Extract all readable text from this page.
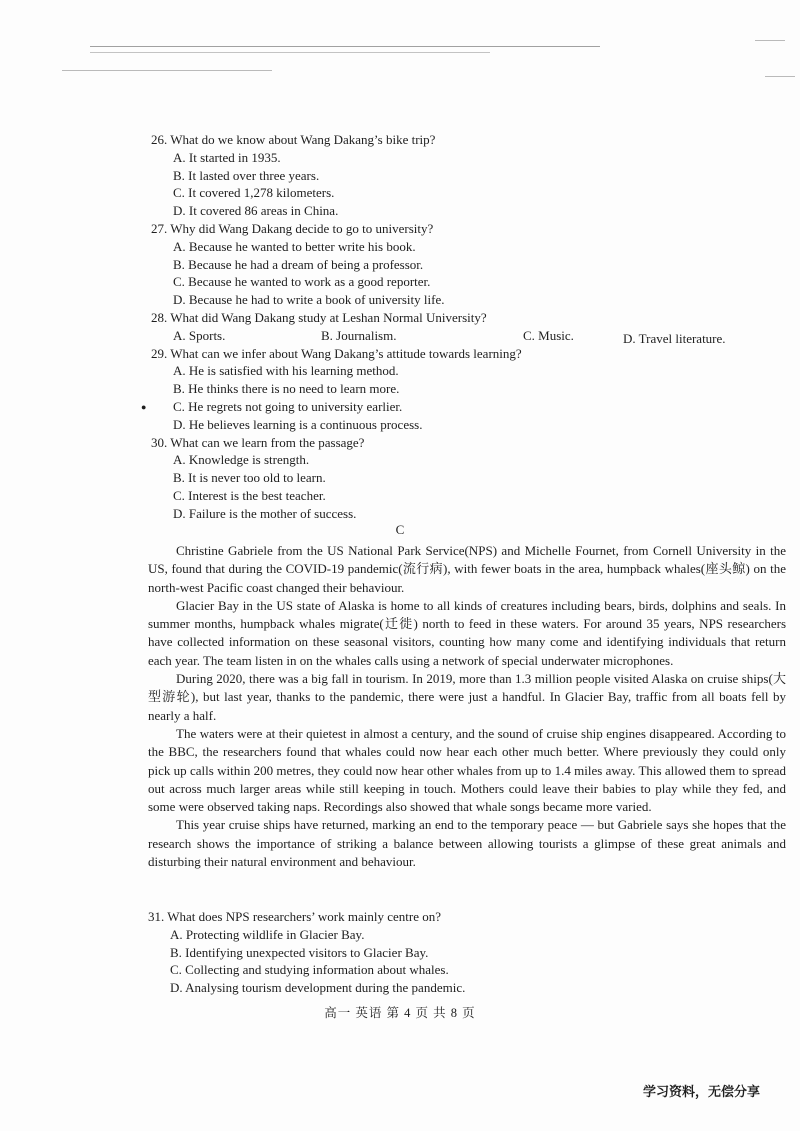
26. What do we know about Wang Dakang’s bike trip?

A. It started in 1935.

B. It lasted over three years.

C. It covered 1,278 kilometers.

D. It covered 86 areas in China.

27. Why did Wang Dakang decide to go to university?

A. Because he wanted to better write his book.

B. Because he had a dream of being a professor.

C. Because he wanted to work as a good reporter.

D. Because he had to write a book of university life.

28. What did Wang Dakang study at Leshan Normal University?

A. Sports.	B. Journalism.	C. Music.	D. Travel literature.

29. What can we infer about Wang Dakang’s attitude towards learning?

A. He is satisfied with his learning method.

B. He thinks there is no need to learn more.

C. He regrets not going to university earlier.

D. He believes learning is a continuous process.

30. What can we learn from the passage?

A. Knowledge is strength.

B. It is never too old to learn.

C. Interest is the best teacher.

D. Failure is the mother of success.

●
C

Christine Gabriele from the US National Park Service(NPS) and Michelle Fournet, from Cornell University in the US, found that during the COVID-19 pandemic(流行病), with fewer boats in the area, humpback whales(座头鲸) on the north-west Pacific coast changed their behaviour.

Glacier Bay in the US state of Alaska is home to all kinds of creatures including bears, birds, dolphins and seals. In summer months, humpback whales migrate(迁徙) north to feed in these waters. For around 35 years, NPS researchers have collected information on these seasonal visitors, counting how many come and identifying individuals that return each year. The team listen in on the whales calls using a network of special underwater microphones.

During 2020, there was a big fall in tourism. In 2019, more than 1.3 million people visited Alaska on cruise ships(大型游轮), but last year, thanks to the pandemic, there were just a handful. In Glacier Bay, traffic from all boats fell by nearly a half.

The waters were at their quietest in almost a century, and the sound of cruise ship engines disappeared. According to the BBC, the researchers found that whales could now hear each other much better. Where previously they could only pick up calls within 200 metres, they could now hear other whales from up to 1.4 miles away. This allowed them to spread out across much larger areas while still keeping in touch. Mothers could leave their babies to play while they fed, and some were observed taking naps. Recordings also showed that whale songs became more varied.

This year cruise ships have returned, marking an end to the temporary peace — but Gabriele says she hopes that the research shows the importance of striking a balance between allowing tourists a glimpse of these great animals and disturbing their natural environment and behaviour.

31. What does NPS researchers’ work mainly centre on?

A. Protecting wildlife in Glacier Bay.

B. Identifying unexpected visitors to Glacier Bay.

C. Collecting and studying information about whales.

D. Analysing tourism development during the pandemic.

高一 英语 第 4 页 共 8 页
学习资料，无偿分享
